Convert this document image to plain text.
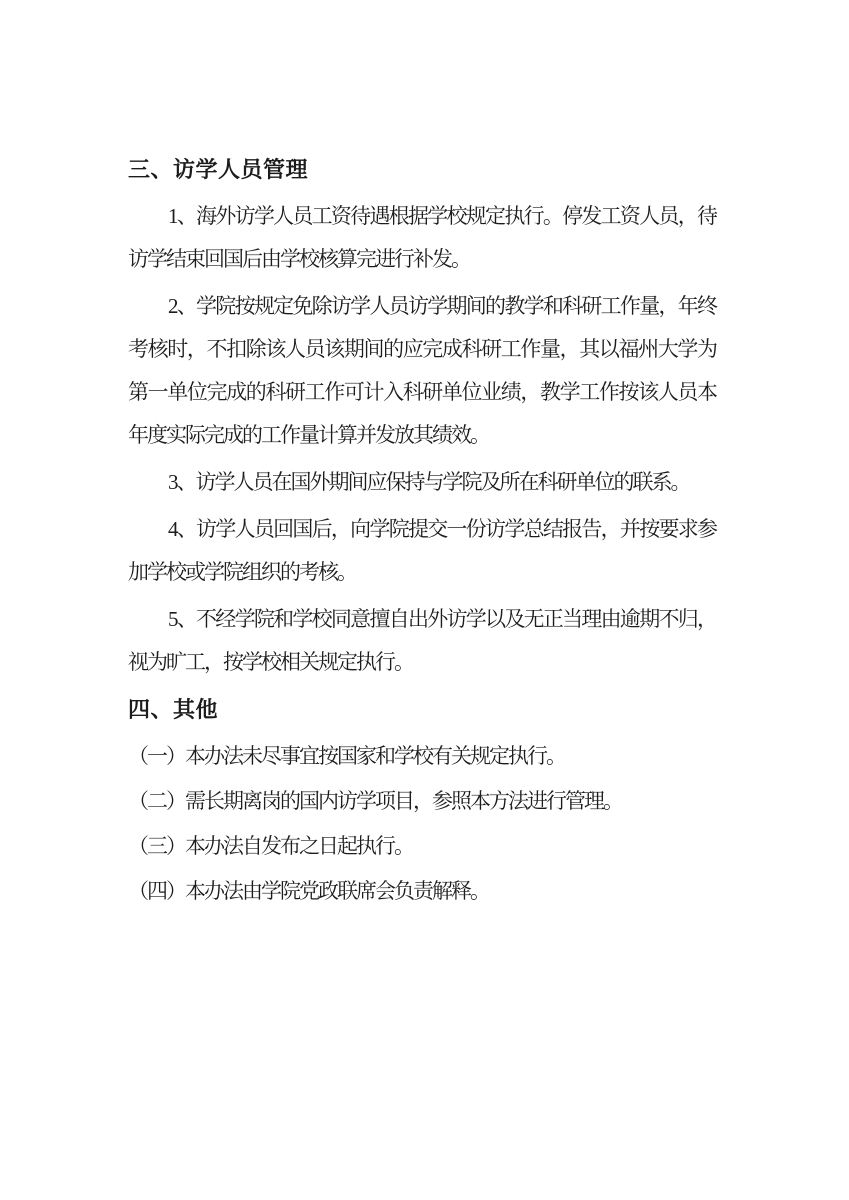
三、访学人员管理

1、海外访学人员工资待遇根据学校规定执行。停发工资人员，待访学结束回国后由学校核算完进行补发。

2、学院按规定免除访学人员访学期间的教学和科研工作量，年终考核时，不扣除该人员该期间的应完成科研工作量，其以福州大学为第一单位完成的科研工作可计入科研单位业绩，教学工作按该人员本年度实际完成的工作量计算并发放其绩效。

3、访学人员在国外期间应保持与学院及所在科研单位的联系。

4、访学人员回国后，向学院提交一份访学总结报告，并按要求参加学校或学院组织的考核。

5、不经学院和学校同意擅自出外访学以及无正当理由逾期不归，视为旷工，按学校相关规定执行。

四、其他

（一）本办法未尽事宜按国家和学校有关规定执行。

（二）需长期离岗的国内访学项目，参照本方法进行管理。

（三）本办法自发布之日起执行。

（四）本办法由学院党政联席会负责解释。
